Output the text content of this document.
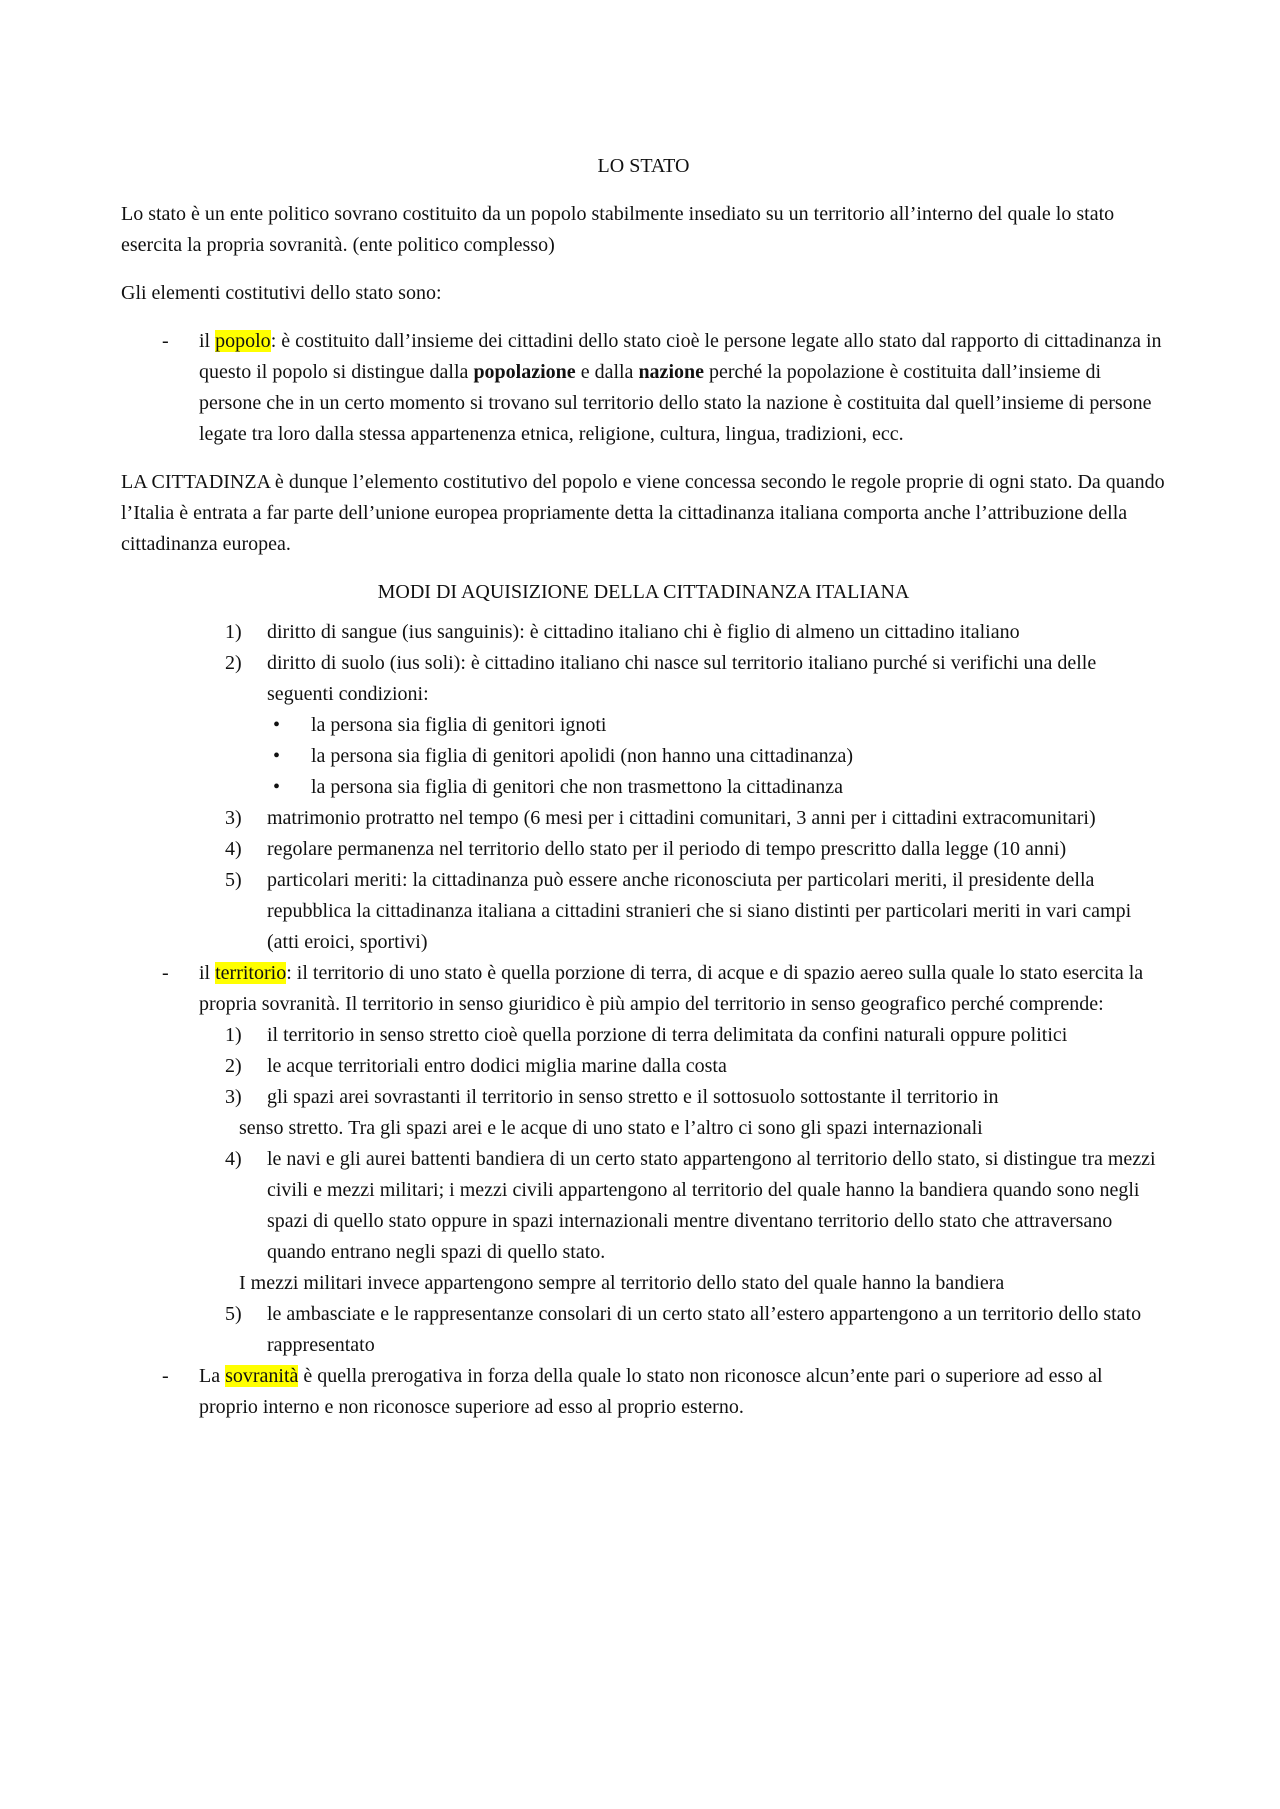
LO STATO

Lo stato è un ente politico sovrano costituito da un popolo stabilmente insediato su un territorio all’interno del quale lo stato esercita la propria sovranità. (ente politico complesso)

Gli elementi costitutivi dello stato sono:

- il popolo: è costituito dall’insieme dei cittadini dello stato cioè le persone legate allo stato dal rapporto di cittadinanza in questo il popolo si distingue dalla popolazione e dalla nazione perché la popolazione è costituita dall’insieme di persone che in un certo momento si trovano sul territorio dello stato la nazione è costituita dal quell’insieme di persone legate tra loro dalla stessa appartenenza etnica, religione, cultura, lingua, tradizioni, ecc.

LA CITTADINZA è dunque l’elemento costitutivo del popolo e viene concessa secondo le regole proprie di ogni stato. Da quando l’Italia è entrata a far parte dell’unione europea propriamente detta la cittadinanza italiana comporta anche l’attribuzione della cittadinanza europea.

MODI DI AQUISIZIONE DELLA CITTADINANZA ITALIANA

1) diritto di sangue (ius sanguinis): è cittadino italiano chi è figlio di almeno un cittadino italiano
2) diritto di suolo (ius soli): è cittadino italiano chi nasce sul territorio italiano purché si verifichi una delle seguenti condizioni:
• la persona sia figlia di genitori ignoti
• la persona sia figlia di genitori apolidi (non hanno una cittadinanza)
• la persona sia figlia di genitori che non trasmettono la cittadinanza
3) matrimonio protratto nel tempo (6 mesi per i cittadini comunitari, 3 anni per i cittadini extracomunitari)
4) regolare permanenza nel territorio dello stato per il periodo di tempo prescritto dalla legge (10 anni)
5) particolari meriti: la cittadinanza può essere anche riconosciuta per particolari meriti, il presidente della repubblica la cittadinanza italiana a cittadini stranieri che si siano distinti per particolari meriti in vari campi (atti eroici, sportivi)
- il territorio: il territorio di uno stato è quella porzione di terra, di acque e di spazio aereo sulla quale lo stato esercita la propria sovranità. Il territorio in senso giuridico è più ampio del territorio in senso geografico perché comprende:
1) il territorio in senso stretto cioè quella porzione di terra delimitata da confini naturali oppure politici
2) le acque territoriali entro dodici miglia marine dalla costa
3) gli spazi arei sovrastanti il territorio in senso stretto e il sottosuolo sottostante il territorio in

senso stretto. Tra gli spazi arei e le acque di uno stato e l’altro ci sono gli spazi internazionali

4) le navi e gli aurei battenti bandiera di un certo stato appartengono al territorio dello stato, si distingue tra mezzi civili e mezzi militari; i mezzi civili appartengono al territorio del quale hanno la bandiera quando sono negli spazi di quello stato oppure in spazi internazionali mentre diventano territorio dello stato che attraversano quando entrano negli spazi di quello stato.

I mezzi militari invece appartengono sempre al territorio dello stato del quale hanno la bandiera

5) le ambasciate e le rappresentanze consolari di un certo stato all’estero appartengono a un territorio dello stato rappresentato
- La sovranità è quella prerogativa in forza della quale lo stato non riconosce alcun’ente pari o superiore ad esso al proprio interno e non riconosce superiore ad esso al proprio esterno.
